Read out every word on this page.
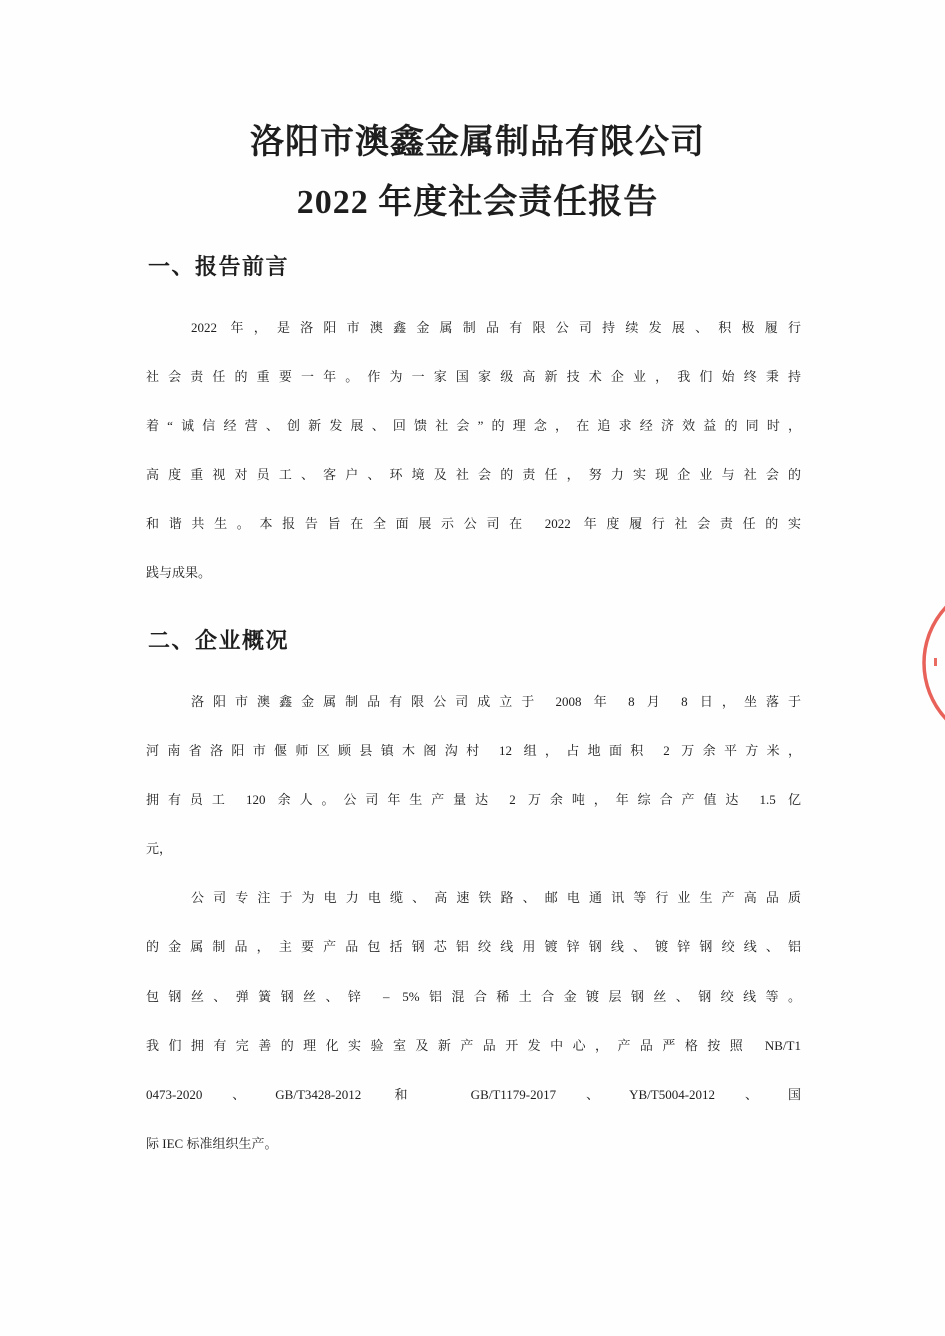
洛阳市澳鑫金属制品有限公司
2022 年度社会责任报告
一、报告前言
2022 年，是洛阳市澳鑫金属制品有限公司持续发展、积极履行
社会责任的重要一年。作为一家国家级高新技术企业，我们始终秉持
着“诚信经营、创新发展、回馈社会”的理念，在追求经济效益的同时，
高度重视对员工、客户、环境及社会的责任，努力实现企业与社会的
和谐共生。本报告旨在全面展示公司在 2022 年度履行社会责任的实
践与成果。
二、企业概况
洛阳市澳鑫金属制品有限公司成立于 2008 年 8 月 8 日，坐落于
河南省洛阳市偃师区顾县镇木阁沟村 12 组，占地面积 2 万余平方米，
拥有员工 120 余人。公司年生产量达 2 万余吨，年综合产值达 1.5 亿
元，
公司专注于为电力电缆、高速铁路、邮电通讯等行业生产高品质
的金属制品，主要产品包括钢芯铝绞线用镀锌钢线、镀锌钢绞线、铝
包钢丝、弹簧钢丝、锌 – 5%铝混合稀土合金镀层钢丝、钢绞线等。
我们拥有完善的理化实验室及新产品开发中心，产品严格按照 NB/T1
0473-2020、GB/T3428-2012 和 GB/T1179-2017、YB/T5004-2012、国
际 IEC 标准组织生产。
